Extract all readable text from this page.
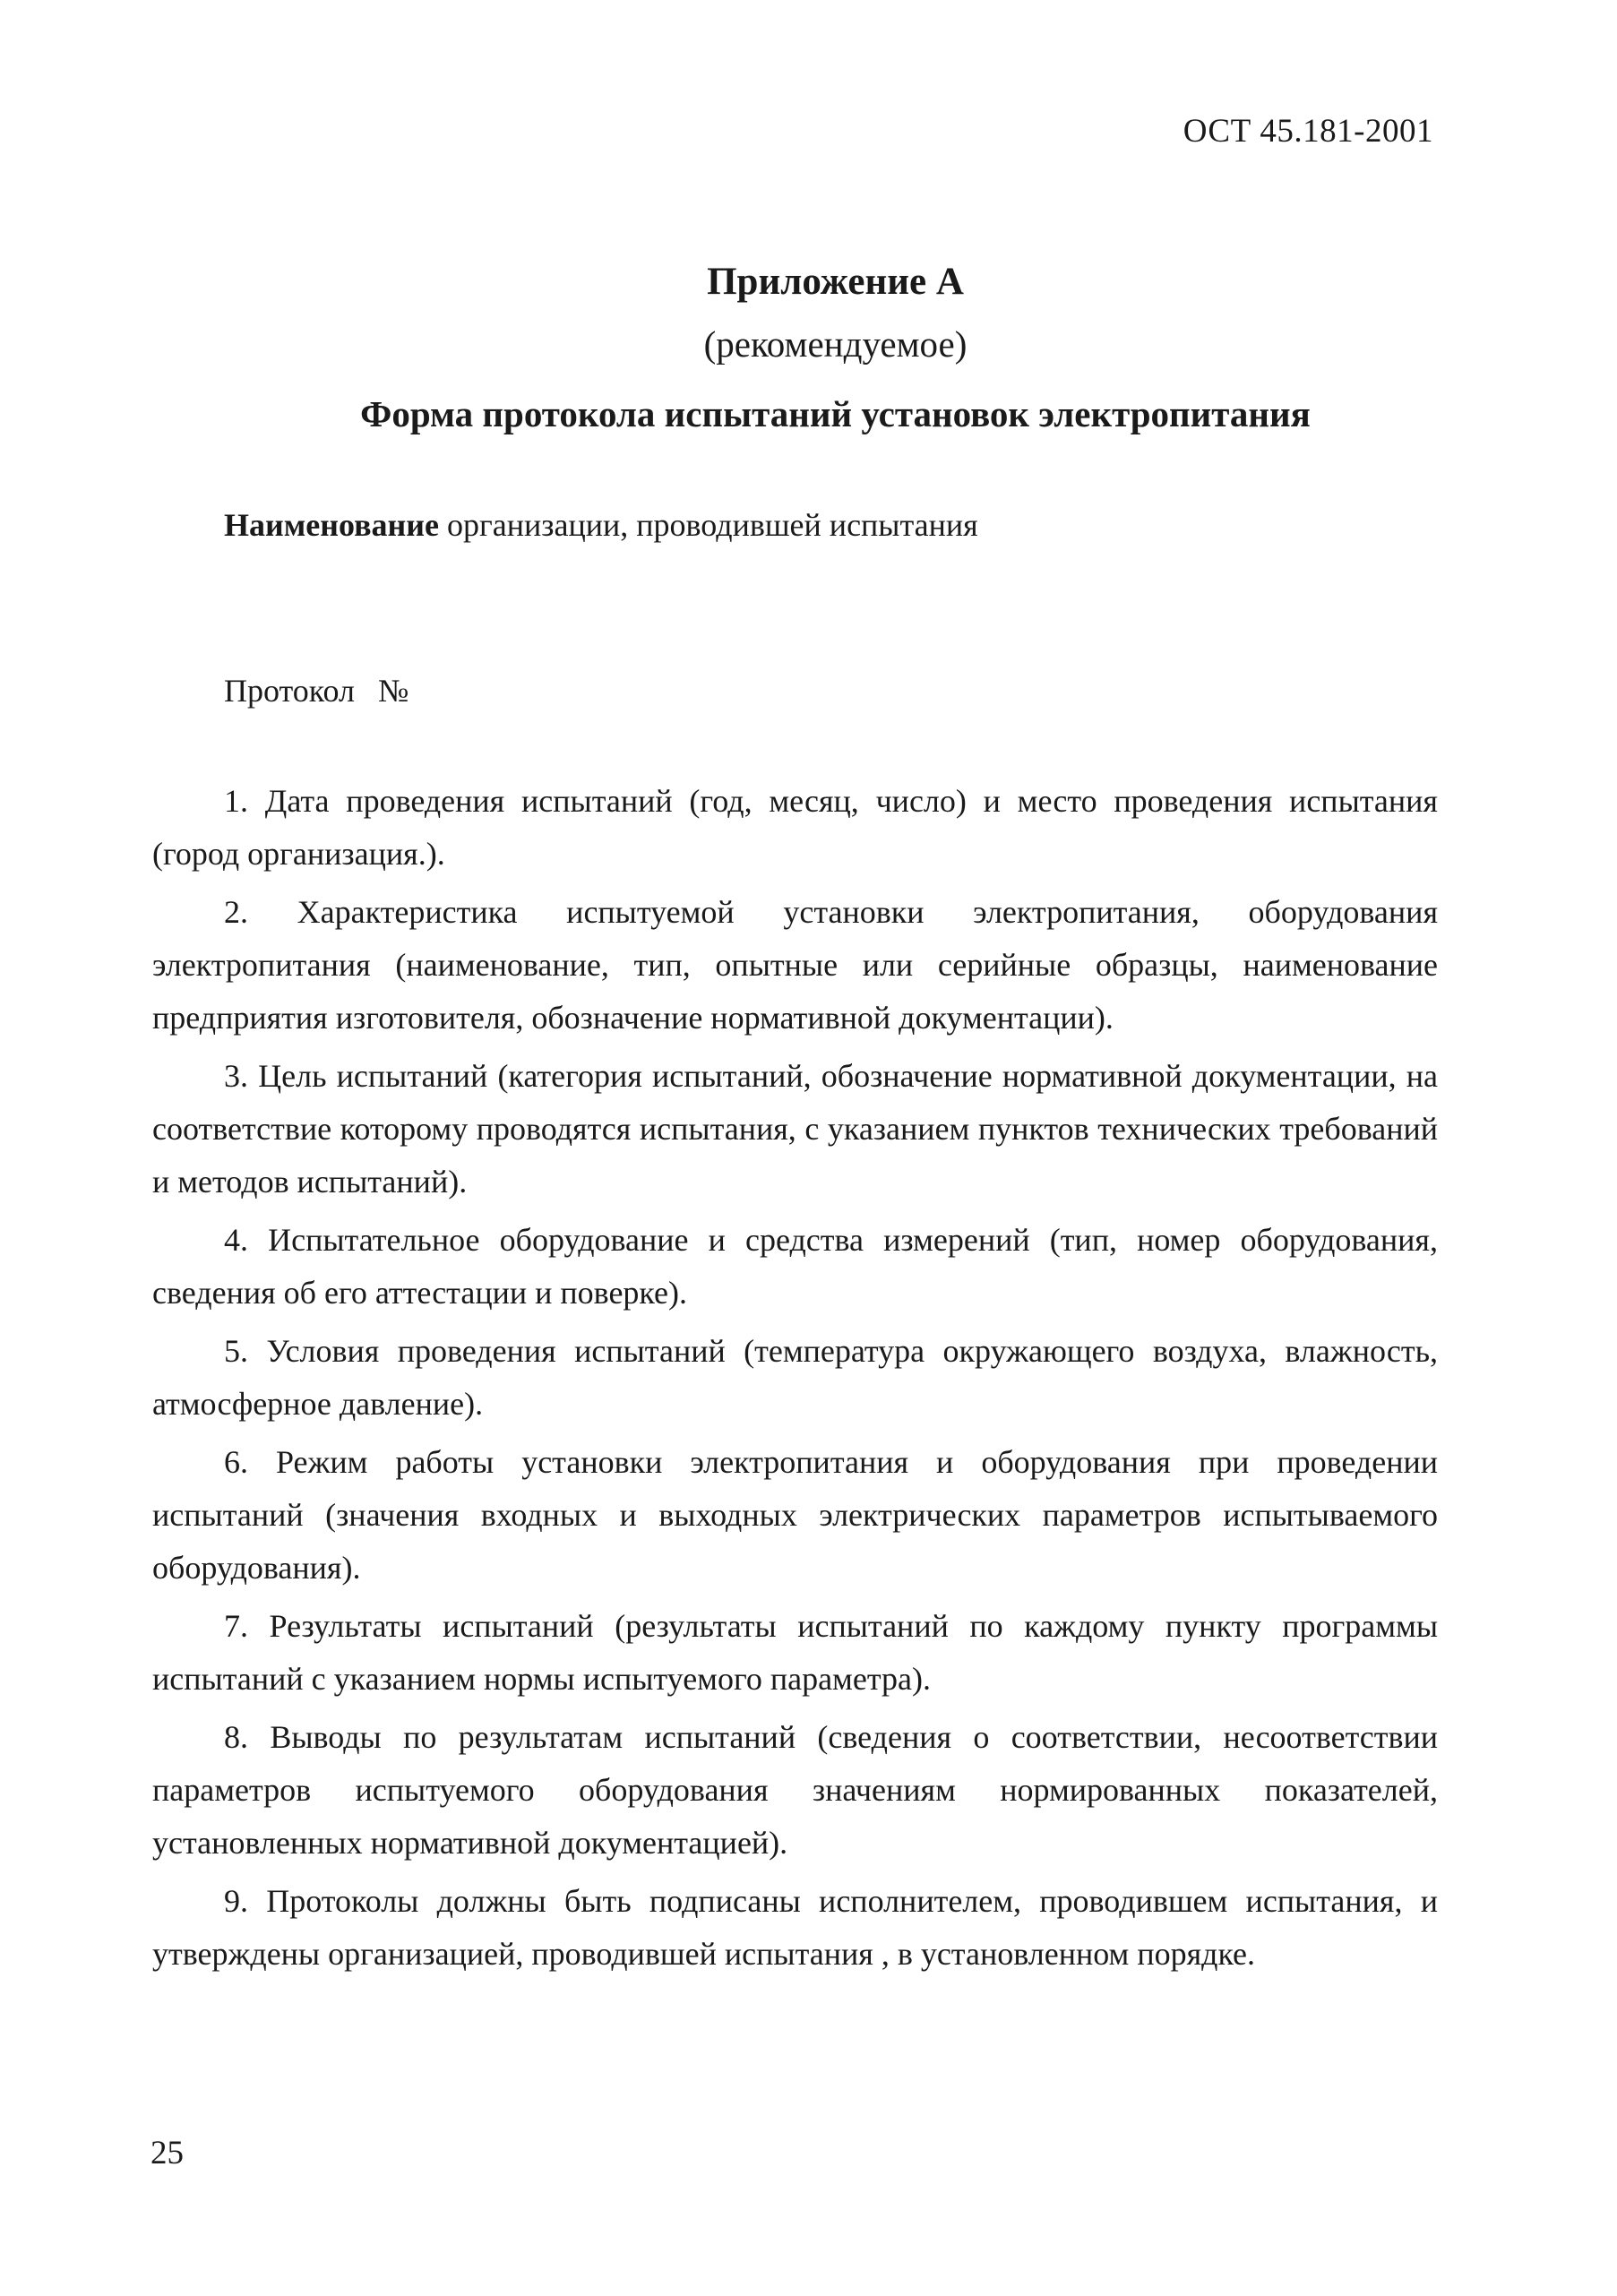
ОСТ 45.181-2001
Приложение А
(рекомендуемое)
Форма протокола испытаний установок электропитания
Наименование организации, проводившей испытания
Протокол №

1. Дата проведения испытаний (год, месяц, число) и место проведения испытания (город организация.).

2. Характеристика испытуемой установки электропитания, оборудования электропитания (наименование, тип, опытные или серийные образцы, наименование предприятия изготовителя, обозначение нормативной документации).

3. Цель испытаний (категория испытаний, обозначение нормативной документации, на соответствие которому проводятся испытания, с указанием пунктов технических требований и методов испытаний).

4. Испытательное оборудование и средства измерений (тип, номер оборудования, сведения об его аттестации и поверке).

5. Условия проведения испытаний (температура окружающего воздуха, влажность, атмосферное давление).

6. Режим работы установки электропитания и оборудования при проведении испытаний (значения входных и выходных электрических параметров испытываемого оборудования).

7. Результаты испытаний (результаты испытаний по каждому пункту программы испытаний с указанием нормы испытуемого параметра).

8. Выводы по результатам испытаний (сведения о соответствии, несоответствии параметров испытуемого оборудования значениям нормированных показателей, установленных нормативной документацией).

9. Протоколы должны быть подписаны исполнителем, проводившем испытания, и утверждены организацией, проводившей испытания , в установленном порядке.

25
